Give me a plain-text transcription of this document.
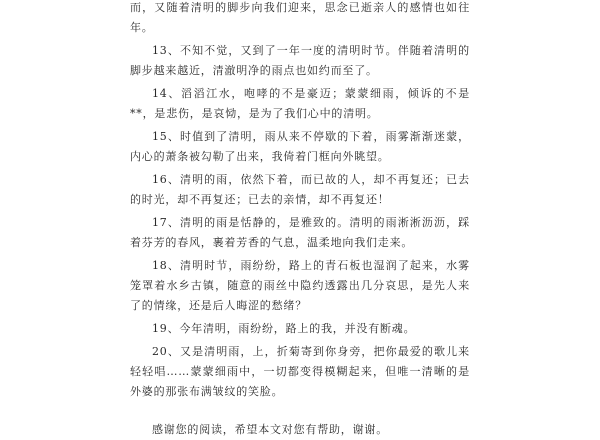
而，又随着清明的脚步向我们迎来，思念已逝亲人的感情也如往年。

13、不知不觉，又到了一年一度的清明时节。伴随着清明的脚步越来越近，清澈明净的雨点也如约而至了。

14、滔滔江水，咆哮的不是豪迈；蒙蒙细雨，倾诉的不是**，是悲伤，是哀恸，是为了我们心中的清明。

15、时值到了清明，雨从来不停歇的下着，雨雾渐渐迷蒙，内心的萧条被勾勒了出来，我倚着门框向外眺望。

16、清明的雨，依然下着，而已故的人，却不再复还；已去的时光，却不再复还；已去的亲情，却不再复还！

17、清明的雨是恬静的，是雅致的。清明的雨淅淅沥沥，踩着芬芳的春风，裹着芳香的气息，温柔地向我们走来。

18、清明时节，雨纷纷，路上的青石板也湿润了起来，水雾笼罩着水乡古镇，随意的雨丝中隐约透露出几分哀思，是先人来了的情缘，还是后人晦涩的愁绪？

19、今年清明，雨纷纷，路上的我，并没有断魂。

20、又是清明雨，上，折菊寄到你身旁，把你最爱的歌儿来轻轻唱……蒙蒙细雨中，一切都变得模糊起来，但唯一清晰的是外婆的那张布满皱纹的笑脸。

感谢您的阅读，希望本文对您有帮助，谢谢。
